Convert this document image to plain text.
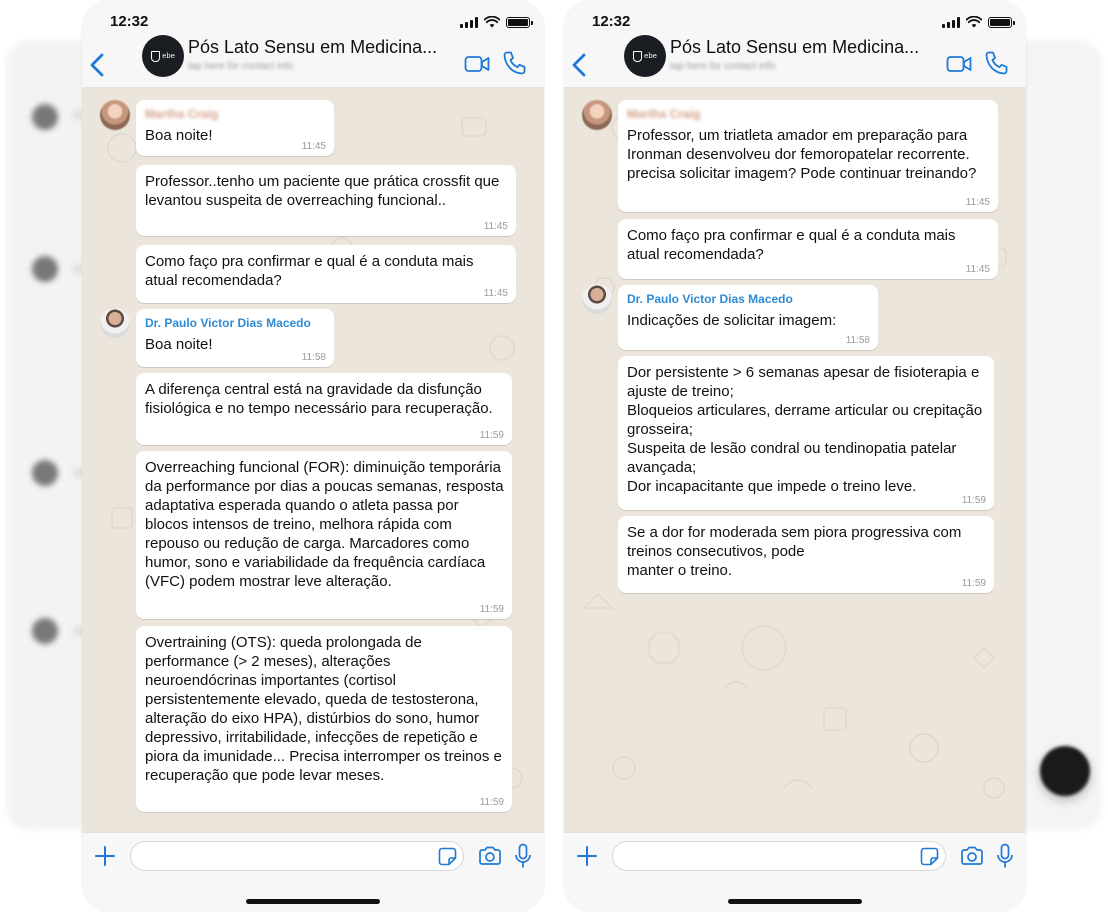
12:32
ebe Pós Lato Sensu em Medicina...
tap here for contact info
Martha Craig
Boa noite!
11:45
Professor..tenho um paciente que prática crossfit que levantou suspeita de overreaching funcional..
11:45
Como faço pra confirmar e qual é a conduta mais atual recomendada?
11:45
Dr. Paulo Victor Dias Macedo
Boa noite!
11:58
A diferença central está na gravidade da disfunção fisiológica e no tempo necessário para recuperação.
11:59
Overreaching funcional (FOR): diminuição temporária da performance por dias a poucas semanas, resposta adaptativa esperada quando o atleta passa por blocos intensos de treino, melhora rápida com repouso ou redução de carga. Marcadores como humor, sono e variabilidade da frequência cardíaca (VFC) podem mostrar leve alteração.
11:59
Overtraining (OTS): queda prolongada de performance (> 2 meses), alterações neuroendócrinas importantes (cortisol persistentemente elevado, queda de testosterona, alteração do eixo HPA), distúrbios do sono, humor depressivo, irritabilidade, infecções de repetição e piora da imunidade... Precisa interromper os treinos e recuperação que pode levar meses.
11:59
12:32
ebe Pós Lato Sensu em Medicina...
tap here for contact info
Martha Craig
Professor, um triatleta amador em preparação para Ironman desenvolveu dor femoropatelar recorrente. precisa solicitar imagem? Pode continuar treinando?
11:45
Como faço pra confirmar e qual é a conduta mais atual recomendada?
11:45
Dr. Paulo Victor Dias Macedo
Indicações de solicitar imagem:
11:58
Dor persistente > 6 semanas apesar de fisioterapia e ajuste de treino;
Bloqueios articulares, derrame articular ou crepitação grosseira;
Suspeita de lesão condral ou tendinopatia patelar avançada;
Dor incapacitante que impede o treino leve.
11:59
Se a dor for moderada sem piora progressiva com treinos consecutivos, pode
manter o treino.
11:59
